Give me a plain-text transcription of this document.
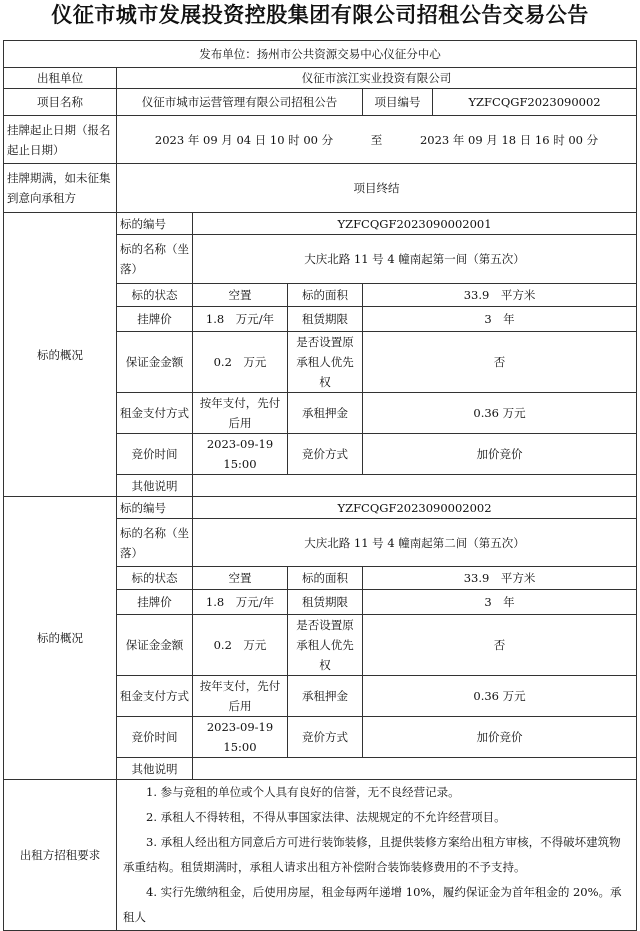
仪征市城市发展投资控股集团有限公司招租公告交易公告
发布单位：扬州市公共资源交易中心仪征分中心					
出租单位	仪征市滨江实业投资有限公司				
项目名称	仪征市城市运营管理有限公司招租公告			项目编号	YZFCQGF2023090002
挂牌起止日期（报名起止日期）	2023 年 09 月 04 日 10 时 00 分 至 2023 年 09 月 18 日 16 时 00 分				
挂牌期满，如未征集到意向承租方	项目终结				
标的概况	标的编号	YZFCQGF2023090002001			
	标的名称（坐落）	大庆北路 11 号 4 幢南起第一间（第五次）			
	标的状态	空置	标的面积	33.9　平方米	
	挂牌价	1.8　万元/年	租赁期限	3　年	
	保证金金额	0.2　万元	是否设置原承租人优先权	否	
	租金支付方式	按年支付，先付后用	承租押金	0.36 万元	
	竞价时间	2023-09-19 15:00	竞价方式	加价竞价	
	其他说明				

标的概况	标的编号	YZFCQGF2023090002002			
	标的名称（坐落）	大庆北路 11 号 4 幢南起第二间（第五次）			
	标的状态	空置	标的面积	33.9　平方米	
	挂牌价	1.8　万元/年	租赁期限	3　年	
	保证金金额	0.2　万元	是否设置原承租人优先权	否	
	租金支付方式	按年支付，先付后用	承租押金	0.36 万元	
	竞价时间	2023-09-19 15:00	竞价方式	加价竞价	
	其他说明				

出租方招租要求	1. 参与竞租的单位或个人具有良好的信誉，无不良经营记录。

2. 承租人不得转租，不得从事国家法律、法规规定的不允许经营项目。

3. 承租人经出租方同意后方可进行装饰装修，且提供装修方案给出租方审核，不得破坏建筑物承重结构。租赁期满时，承租人请求出租方补偿附合装饰装修费用的不予支持。

4. 实行先缴纳租金，后使用房屋，租金每两年递增 10%，履约保证金为首年租金的 20%。承租人				
